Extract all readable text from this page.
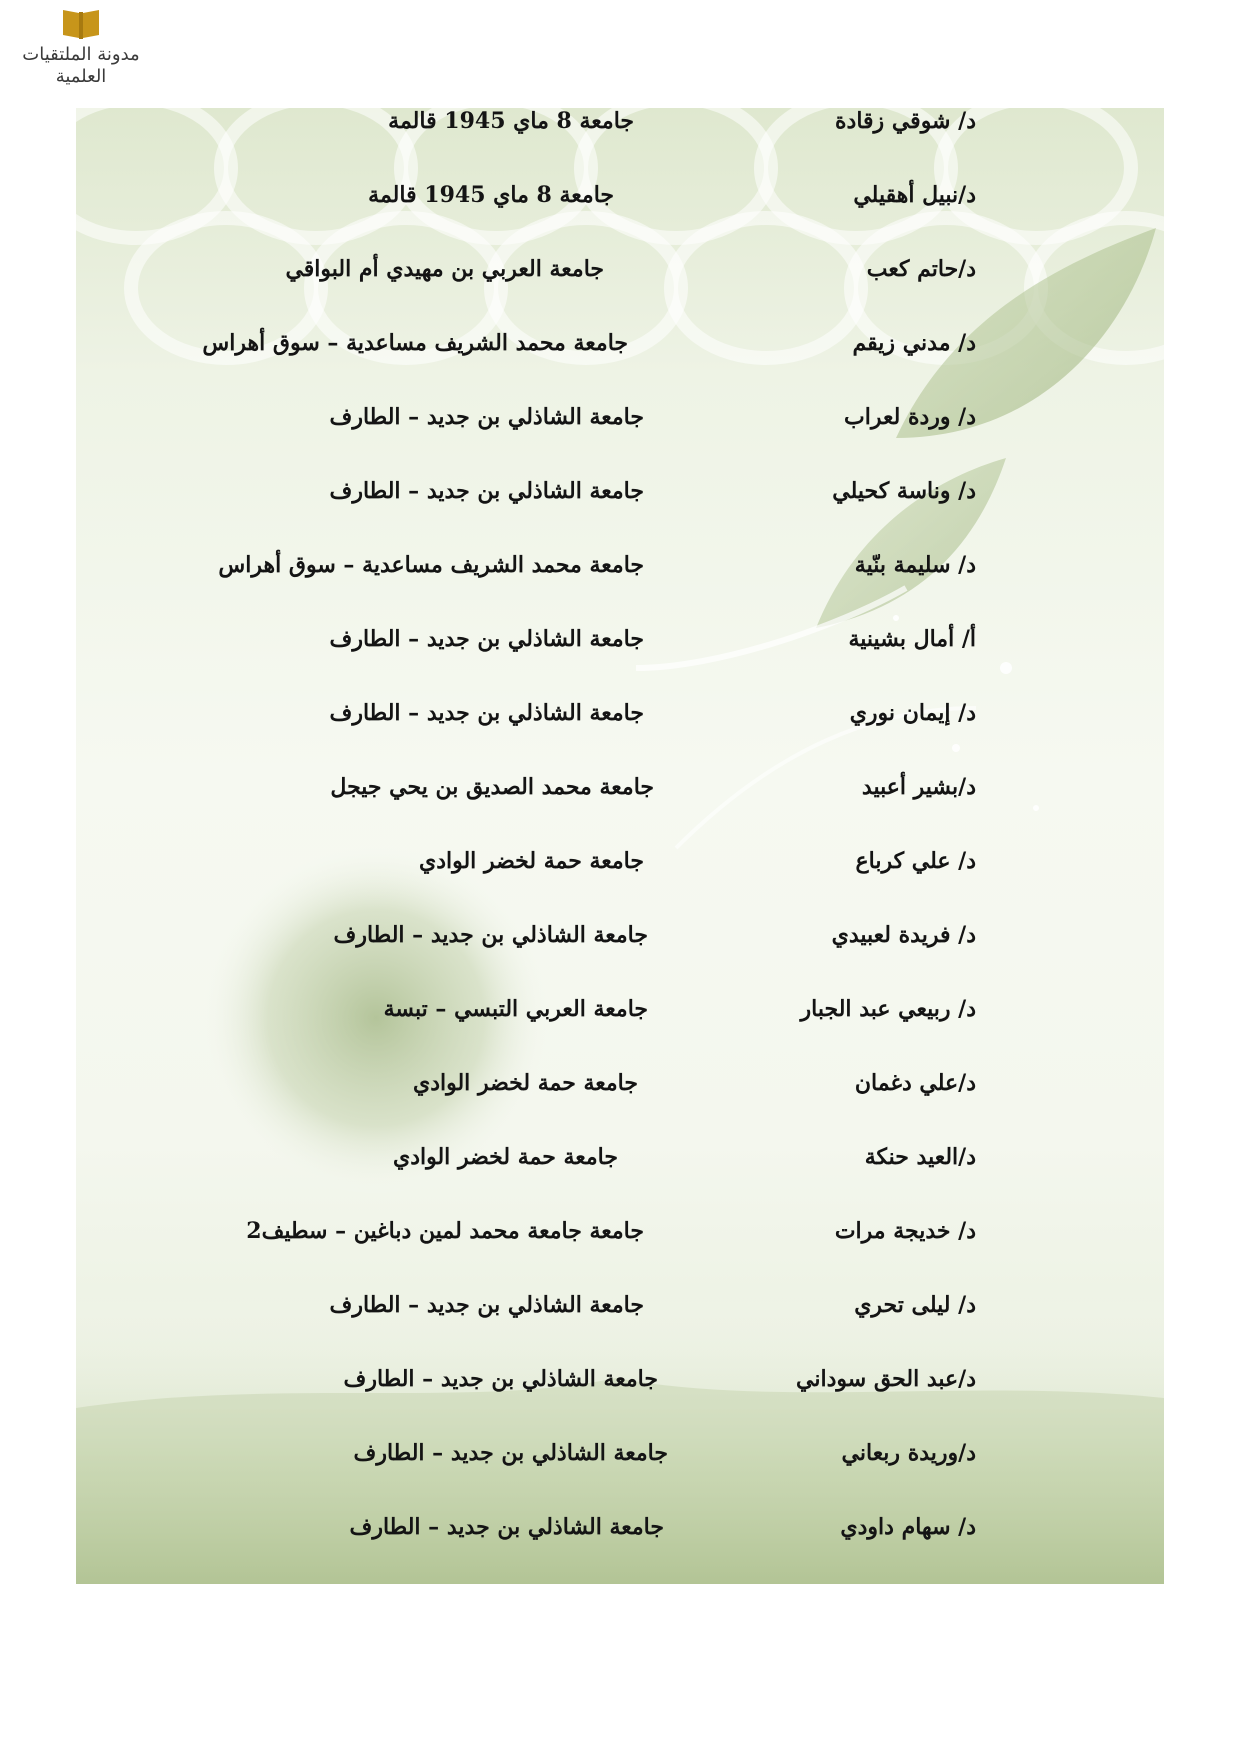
مدونة الملتقيات
العلمية
د/ شوقي زقادة
جامعة 8 ماي 1945 قالمة
د/نبيل أهقيلي
جامعة 8 ماي 1945 قالمة
د/حاتم كعب
جامعة العربي بن مهيدي أم البواقي
د/ مدني زيقم
جامعة محمد الشريف مساعدية – سوق أهراس
د/ وردة لعراب
جامعة الشاذلي بن جديد – الطارف
د/ وناسة كحيلي
جامعة الشاذلي بن جديد – الطارف
د/ سليمة بنّية
جامعة محمد الشريف مساعدية – سوق أهراس
أ/ أمال بشينية
جامعة الشاذلي بن جديد – الطارف
د/ إيمان نوري
جامعة الشاذلي بن جديد – الطارف
د/بشير أعبيد
جامعة محمد الصديق بن يحي جيجل
د/ علي كرباع
جامعة حمة لخضر الوادي
د/ فريدة لعبيدي
جامعة الشاذلي بن جديد – الطارف
د/ ربيعي عبد الجبار
جامعة العربي التبسي – تبسة
د/علي دغمان
جامعة حمة لخضر الوادي
د/العيد حنكة
جامعة حمة لخضر الوادي
د/ خديجة مرات
جامعة جامعة محمد لمين دباغين – سطيف2
د/ ليلى تحري
جامعة الشاذلي بن جديد – الطارف
د/عبد الحق سوداني
جامعة الشاذلي بن جديد – الطارف
د/وريدة ربعاني
جامعة الشاذلي بن جديد – الطارف
د/ سهام داودي
جامعة الشاذلي بن جديد – الطارف
